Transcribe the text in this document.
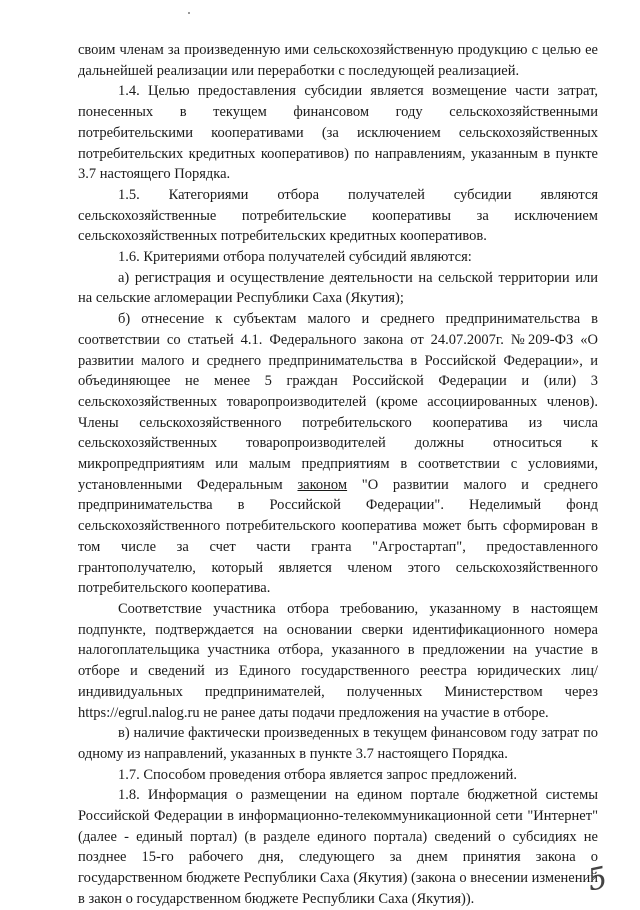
своим членам за произведенную ими сельскохозяйственную продукцию с целью ее дальнейшей реализации или переработки с последующей реализацией.

1.4. Целью предоставления субсидии является возмещение части затрат, понесенных в текущем финансовом году сельскохозяйственными потребительскими кооперативами (за исключением сельскохозяйственных потребительских кредитных кооперативов) по направлениям, указанным в пункте 3.7 настоящего Порядка.

1.5. Категориями отбора получателей субсидии являются сельскохозяйственные потребительские кооперативы за исключением сельскохозяйственных потребительских кредитных кооперативов.

1.6. Критериями отбора получателей субсидий являются:

а) регистрация и осуществление деятельности на сельской территории или на сельские агломерации Республики Саха (Якутия);

б) отнесение к субъектам малого и среднего предпринимательства в соответствии со статьей 4.1. Федерального закона от 24.07.2007г. №209-ФЗ «О развитии малого и среднего предпринимательства в Российской Федерации», и объединяющее не менее 5 граждан Российской Федерации и (или) 3 сельскохозяйственных товаропроизводителей (кроме ассоциированных членов). Члены сельскохозяйственного потребительского кооператива из числа сельскохозяйственных товаропроизводителей должны относиться к микропредприятиям или малым предприятиям в соответствии с условиями, установленными Федеральным законом "О развитии малого и среднего предпринимательства в Российской Федерации". Неделимый фонд сельскохозяйственного потребительского кооператива может быть сформирован в том числе за счет части гранта "Агростартап", предоставленного грантополучателю, который является членом этого сельскохозяйственного потребительского кооператива.

Соответствие участника отбора требованию, указанному в настоящем подпункте, подтверждается на основании сверки идентификационного номера налогоплательщика участника отбора, указанного в предложении на участие в отборе и сведений из Единого государственного реестра юридических лиц/индивидуальных предпринимателей, полученных Министерством через https://egrul.nalog.ru не ранее даты подачи предложения на участие в отборе.

в) наличие фактически произведенных в текущем финансовом году затрат по одному из направлений, указанных в пункте 3.7 настоящего Порядка.

1.7. Способом проведения отбора является запрос предложений.

1.8. Информация о размещении на едином портале бюджетной системы Российской Федерации в информационно-телекоммуникационной сети "Интернет" (далее - единый портал) (в разделе единого портала) сведений о субсидиях не позднее 15-го рабочего дня, следующего за днем принятия закона о государственном бюджете Республики Саха (Якутия) (закона о внесении изменений в закон о государственном бюджете Республики Саха (Якутия)).

5
